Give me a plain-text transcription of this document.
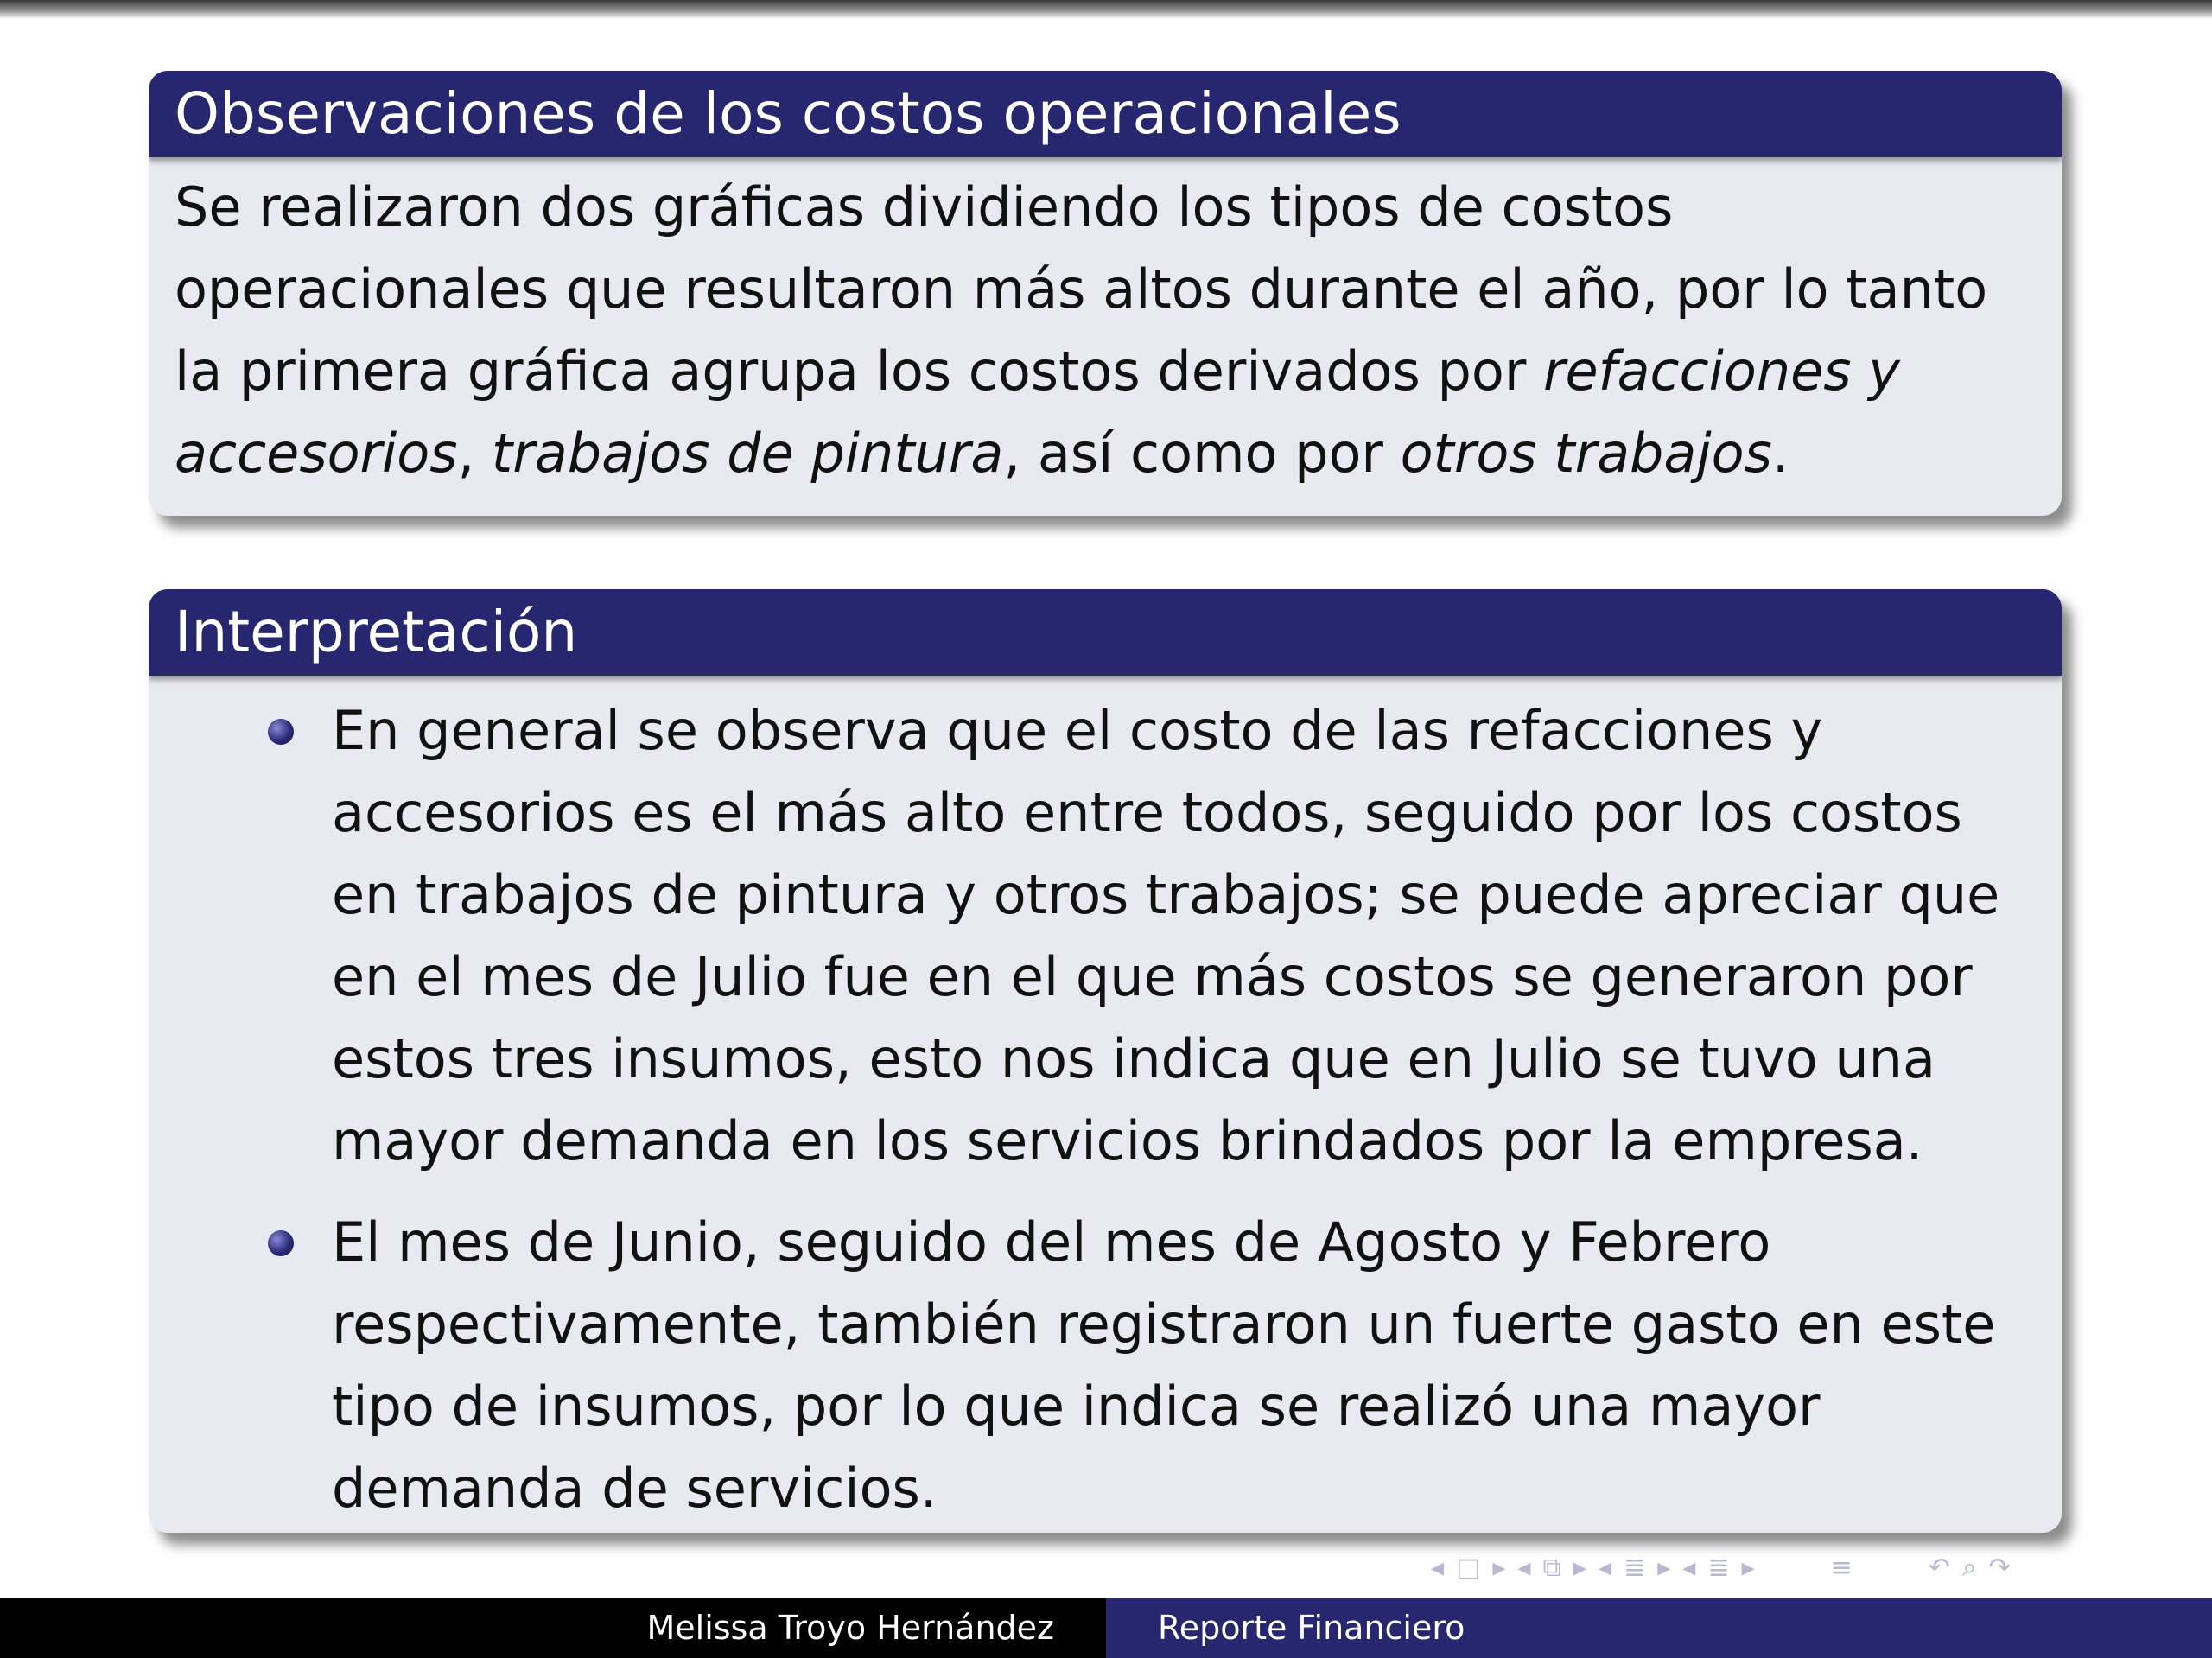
Observaciones de los costos operacionales
Se realizaron dos gráficas dividiendo los tipos de costos
operacionales que resultaron más altos durante el año, por lo tanto
la primera gráfica agrupa los costos derivados por refacciones y
accesorios, trabajos de pintura, así como por otros trabajos.
Interpretación
En general se observa que el costo de las refacciones y
accesorios es el más alto entre todos, seguido por los costos
en trabajos de pintura y otros trabajos; se puede apreciar que
en el mes de Julio fue en el que más costos se generaron por
estos tres insumos, esto nos indica que en Julio se tuvo una
mayor demanda en los servicios brindados por la empresa.
El mes de Junio, seguido del mes de Agosto y Febrero
respectivamente, también registraron un fuerte gasto en este
tipo de insumos, por lo que indica se realizó una mayor
demanda de servicios.
◂ □ ▸ ◂ ⧉ ▸ ◂ ≣ ▸ ◂ ≣ ▸	≡	↶ ⌕ ↷
Melissa Troyo Hernández	Reporte Financiero
